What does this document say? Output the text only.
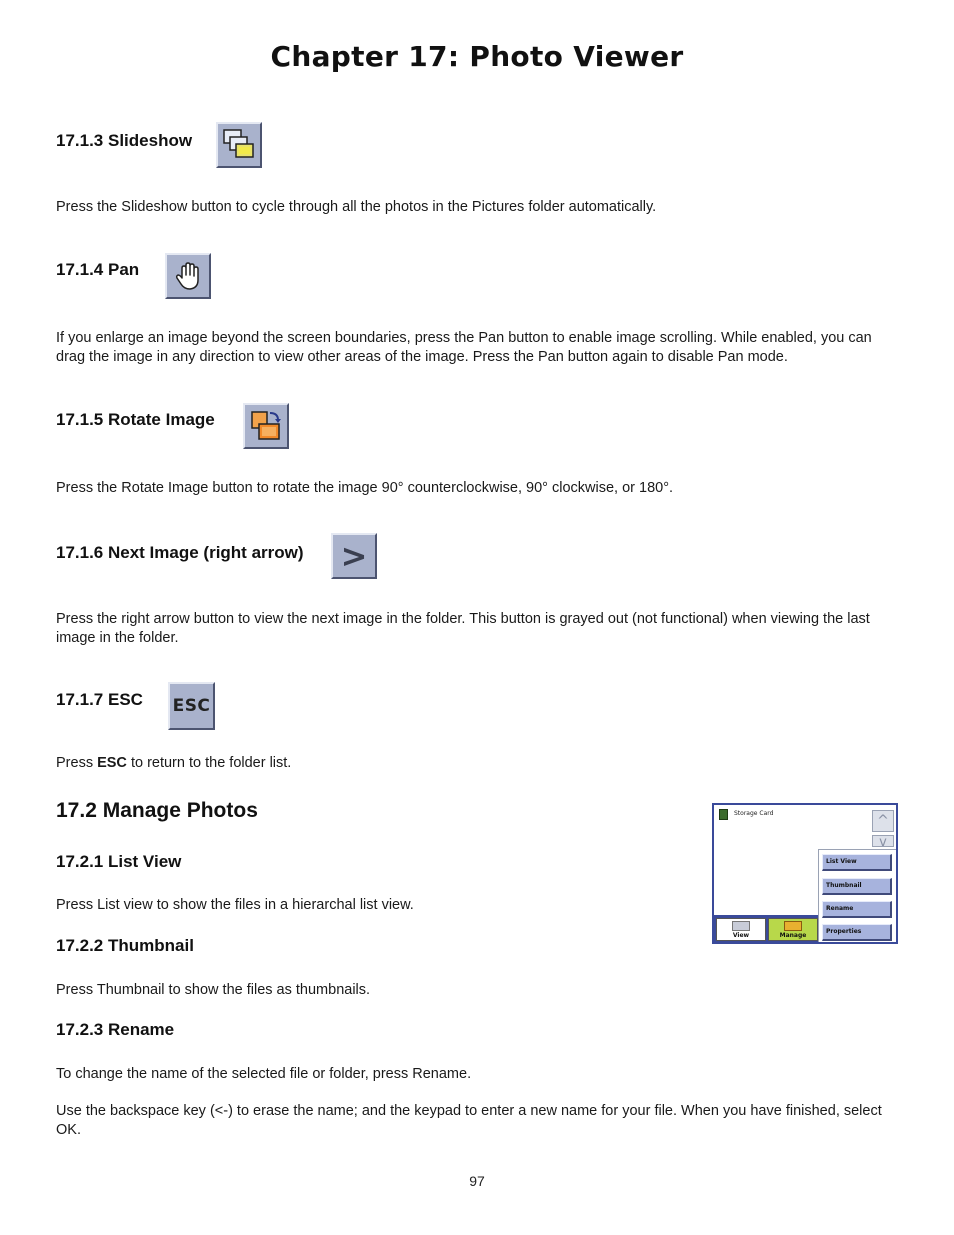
Chapter 17: Photo Viewer
17.1.3 Slideshow
Press the Slideshow button to cycle through all the photos in the Pictures folder automatically.
17.1.4 Pan
If you enlarge an image beyond the screen boundaries, press the Pan button to enable image scrolling. While enabled, you can drag the image in any direction to view other areas of the image. Press the Pan button again to disable Pan mode.
17.1.5 Rotate Image
Press the Rotate Image button to rotate the image 90° counterclockwise, 90° clockwise, or 180°.
17.1.6 Next Image (right arrow) >
Press the right arrow button to view the next image in the folder. This button is grayed out (not functional) when viewing the last image in the folder.
17.1.7 ESC ESC
Press ESC to return to the folder list.
17.2 Manage Photos
17.2.1 List View
Press List view to show the files in a hierarchal list view.
17.2.2 Thumbnail
Press Thumbnail to show the files as thumbnails.
17.2.3 Rename
To change the name of the selected file or folder, press Rename.
Use the backspace key (<-) to erase the name; and the keypad to enter a new name for your file. When you have finished, select OK.
Storage Card	^
v
View	Manage
List View
Thumbnail
Rename
Properties
97
